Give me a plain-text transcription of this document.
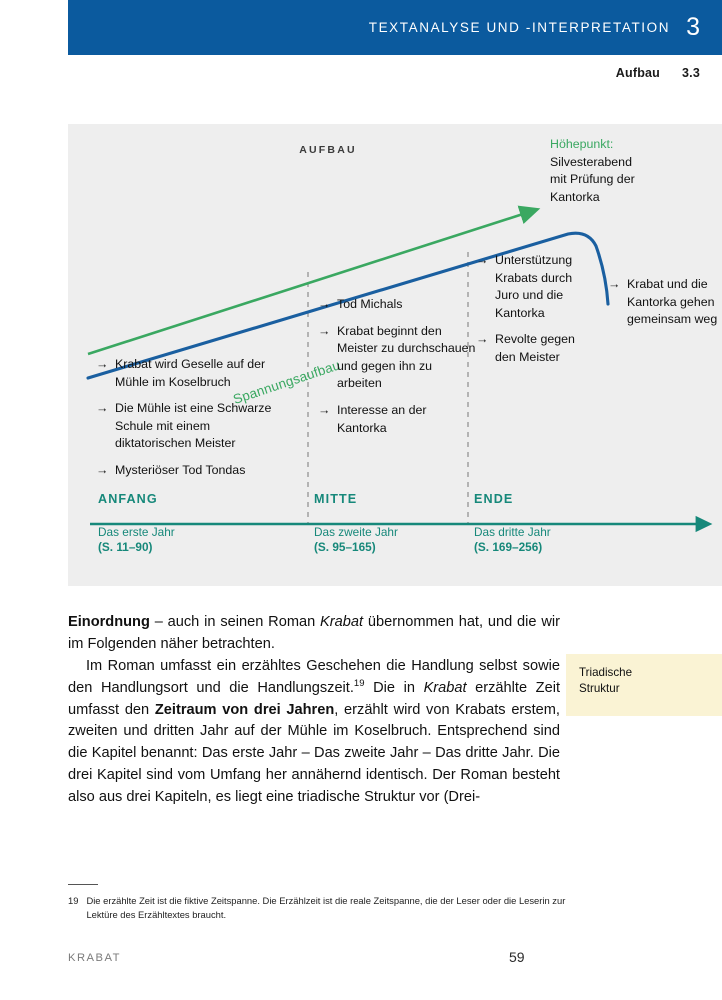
TEXTANALYSE UND -INTERPRETATION 3
Aufbau 3.3
AUFBAU
Spannungsaufbau
Höhepunkt:
Silvesterabend
mit Prüfung der
Kantorka
→ Krabat wird Geselle auf der Mühle im Koselbruch
→ Die Mühle ist eine Schwarze Schule mit einem diktatorischen Meister
→ Mysteriöser Tod Tondas
→ Tod Michals
→ Krabat beginnt den Meister zu durchschauen und gegen ihn zu arbeiten
→ Interesse an der Kantorka
→ Unterstützung Krabats durch Juro und die Kantorka
→ Revolte gegen den Meister
→ Krabat und die Kantorka gehen gemeinsam weg
ANFANG
Das erste Jahr
(S. 11–90)
MITTE
Das zweite Jahr
(S. 95–165)
ENDE
Das dritte Jahr
(S. 169–256)

Einordnung – auch in seinen Roman Krabat übernommen hat, und die wir im Folgenden näher betrachten.

Im Roman umfasst ein erzähltes Geschehen die Handlung selbst sowie den Handlungsort und die Handlungszeit.$^{19}$ Die in Krabat erzählte Zeit umfasst den Zeitraum von drei Jahren, erzählt wird von Krabats erstem, zweiten und dritten Jahr auf der Mühle im Koselbruch. Entsprechend sind die Kapitel benannt: Das erste Jahr – Das zweite Jahr – Das dritte Jahr. Die drei Kapitel sind vom Umfang her annähernd identisch. Der Roman besteht also aus drei Kapiteln, es liegt eine triadische Struktur vor (Drei-

Triadische
Struktur
19 Die erzählte Zeit ist die fiktive Zeitspanne. Die Erzählzeit ist die reale Zeitspanne, die der Leser oder die Leserin zur Lektüre des Erzähltextes braucht.
KRABAT	59
